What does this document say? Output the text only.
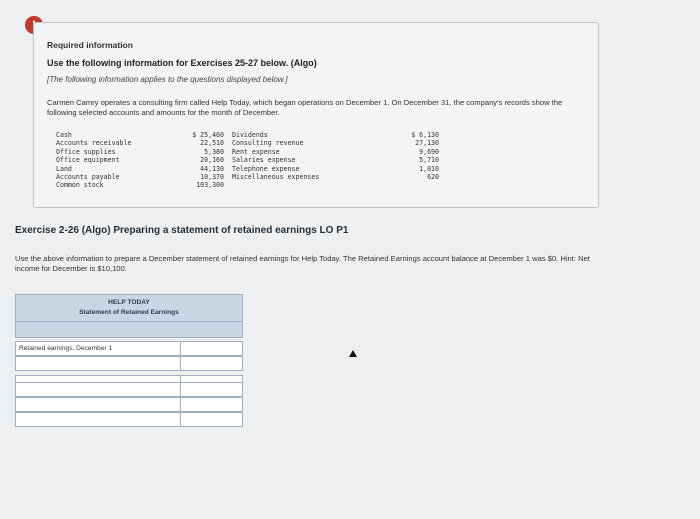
Required information
Use the following information for Exercises 25-27 below. (Algo)
[The following information applies to the questions displayed below.]
Carmen Camry operates a consulting firm called Help Today, which began operations on December 1. On December 31, the company's records show the following selected accounts and amounts for the month of December.
Cash
Accounts receivable
Office supplies
Office equipment
Land
Accounts payable
Common stock
$ 25,460
22,510
5,380
20,160
44,130
10,370
103,300
Dividends
Consulting revenue
Rent expense
Salaries expense
Telephone expense
Miscellaneous expenses
$ 6,130
27,130
9,690
5,710
1,010
620
Exercise 2-26 (Algo) Preparing a statement of retained earnings LO P1
Use the above information to prepare a December statement of retained earnings for Help Today. The Retained Earnings account balance at December 1 was $0. Hint: Net income for December is $10,100.
HELP TODAY
Statement of Retained Earnings
Retained earnings, December 1
